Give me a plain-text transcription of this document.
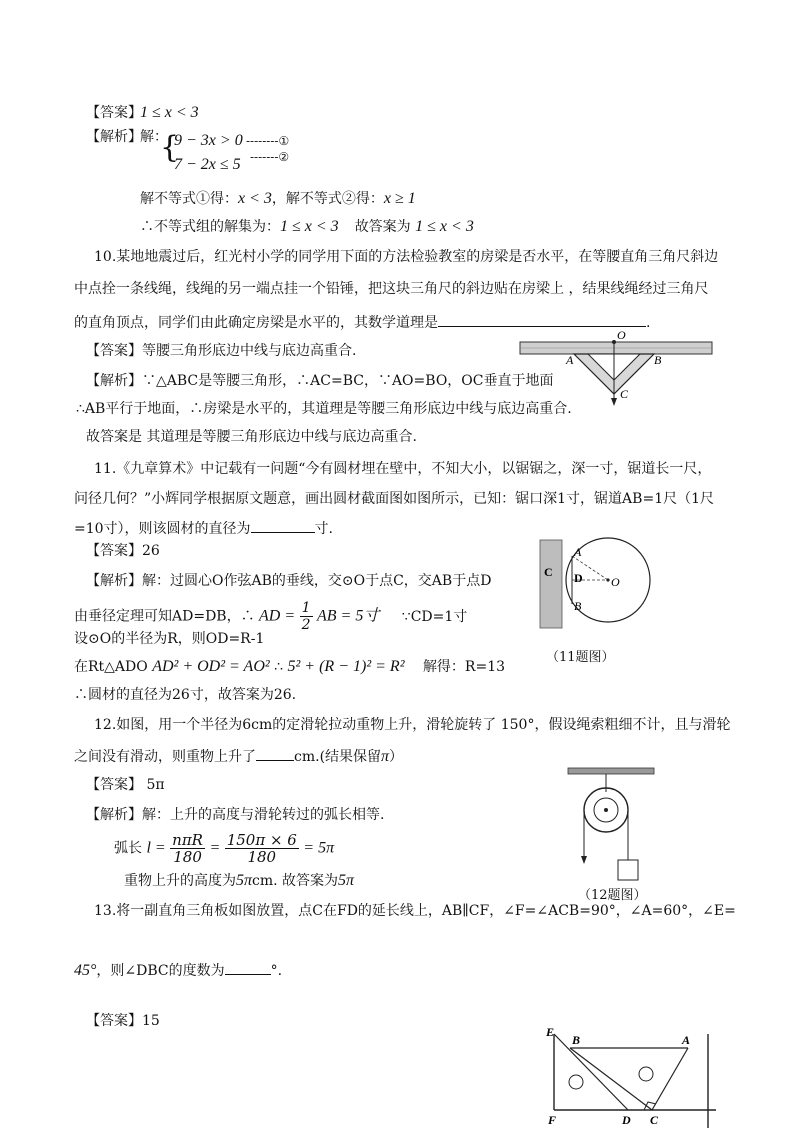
【答案】
1 ≤ x < 3
【解析】
解：
{
9 − 3x > 0
7 − 2x ≤ 5
--------①
-------②
解不等式①得：x < 3，解不等式②得：x ≥ 1
∴不等式组的解集为：1 ≤ x < 3 故答案为 1 ≤ x < 3
10.某地地震过后，红光村小学的同学用下面的方法检验教室的房梁是否水平，在等腰直角三角尺斜边
中点拴一条线绳，线绳的另一端点挂一个铅锤，把这块三角尺的斜边贴在房梁上 ，结果线绳经过三角尺
的直角顶点，同学们由此确定房梁是水平的，其数学道理是	.
【答案】等腰三角形底边中线与底边高重合.
【解析】∵△ABC是等腰三角形，∴AC=BC，∵AO=BO，OC垂直于地面
∴AB平行于地面，∴房梁是水平的，其道理是等腰三角形底边中线与底边高重合.
故答案是 其道理是等腰三角形底边中线与底边高重合.
O
A	B
C
11.《九章算术》中记载有一问题“今有圆材埋在壁中，不知大小，以锯锯之，深一寸，锯道长一尺，
问径几何？”小辉同学根据原文题意，画出圆材截面图如图所示，已知：锯口深1寸，锯道AB=1尺（1尺
=10寸），则该圆材的直径为	寸.
【答案】26
【解析】解：过圆心O作弦AB的垂线，交⊙O于点C，交AB于点D
由垂径定理可知AD=DB，∴ AD = $\frac{1}{2}$ AB = 5寸 ∵CD=1寸
设⊙O的半径为R，则OD=R-1
在Rt△ADO AD² + OD² = AO² ∴ 5² + (R − 1)² = R² 解得：R=13
∴圆材的直径为26寸，故答案为26.
C D O
A
B
（11题图）
12.如图，用一个半径为6cm的定滑轮拉动重物上升，滑轮旋转了 150°，假设绳索粗细不计，且与滑轮
之间没有滑动，则重物上升了	cm.(结果保留π）
【答案】 5π
【解析】解：上升的高度与滑轮转过的弧长相等.
弧长 $l = \frac{\text{nπR}}{180} = \frac{150\pi \times 6}{180} = 5\pi$
重物上升的高度为5πcm. 故答案为5π
（12题图）
13.将一副直角三角板如图放置，点C在FD的延长线上，AB∥CF，∠F=∠ACB=90°，∠A=60°，∠E=
45°，则∠DBC的度数为	°.
【答案】15
E
B	A
F	D C
